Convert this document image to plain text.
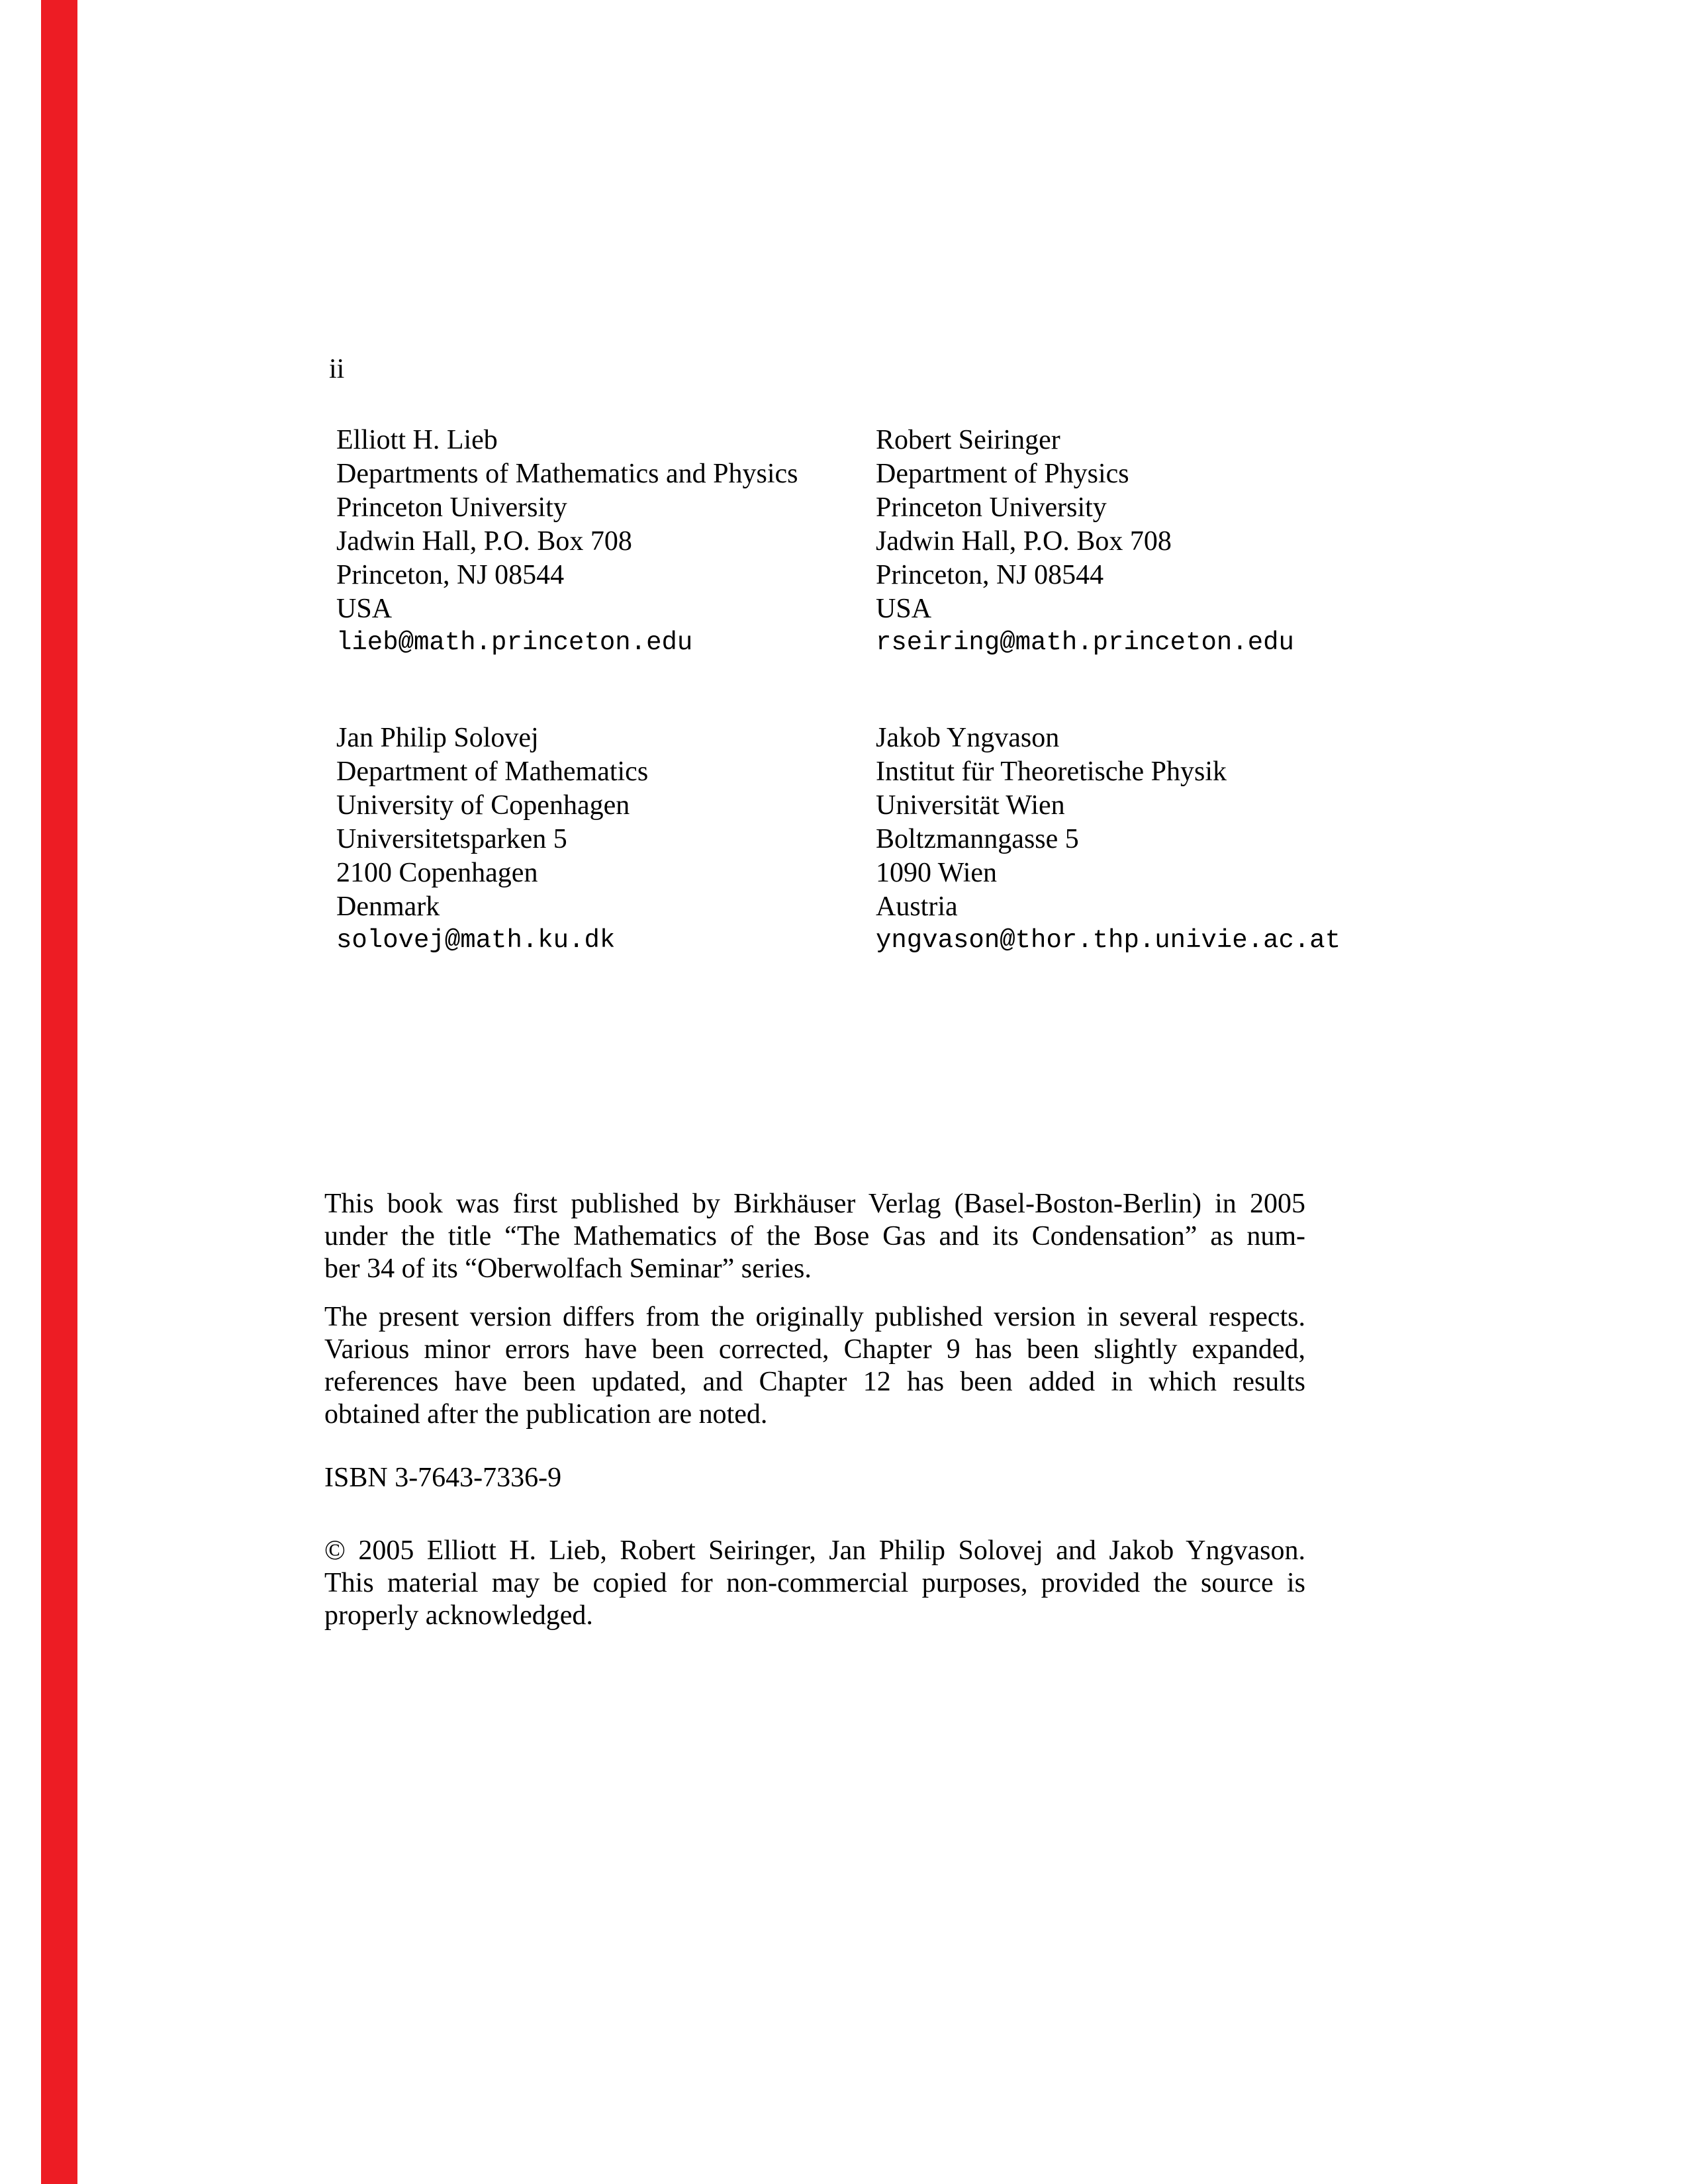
ii
Elliott H. Lieb
Departments of Mathematics and Physics
Princeton University
Jadwin Hall, P.O. Box 708
Princeton, NJ 08544
USA
lieb@math.princeton.edu
Robert Seiringer
Department of Physics
Princeton University
Jadwin Hall, P.O. Box 708
Princeton, NJ 08544
USA
rseiring@math.princeton.edu
Jan Philip Solovej
Department of Mathematics
University of Copenhagen
Universitetsparken 5
2100 Copenhagen
Denmark
solovej@math.ku.dk
Jakob Yngvason
Institut für Theoretische Physik
Universität Wien
Boltzmanngasse 5
1090 Wien
Austria
yngvason@thor.thp.univie.ac.at
This book was first published by Birkhäuser Verlag (Basel-Boston-Berlin) in 2005
under the title “The Mathematics of the Bose Gas and its Condensation” as num-
ber 34 of its “Oberwolfach Seminar” series.
The present version differs from the originally published version in several respects.
Various minor errors have been corrected, Chapter 9 has been slightly expanded,
references have been updated, and Chapter 12 has been added in which results
obtained after the publication are noted.
ISBN 3-7643-7336-9
© 2005 Elliott H. Lieb, Robert Seiringer, Jan Philip Solovej and Jakob Yngvason.
This material may be copied for non-commercial purposes, provided the source is
properly acknowledged.
